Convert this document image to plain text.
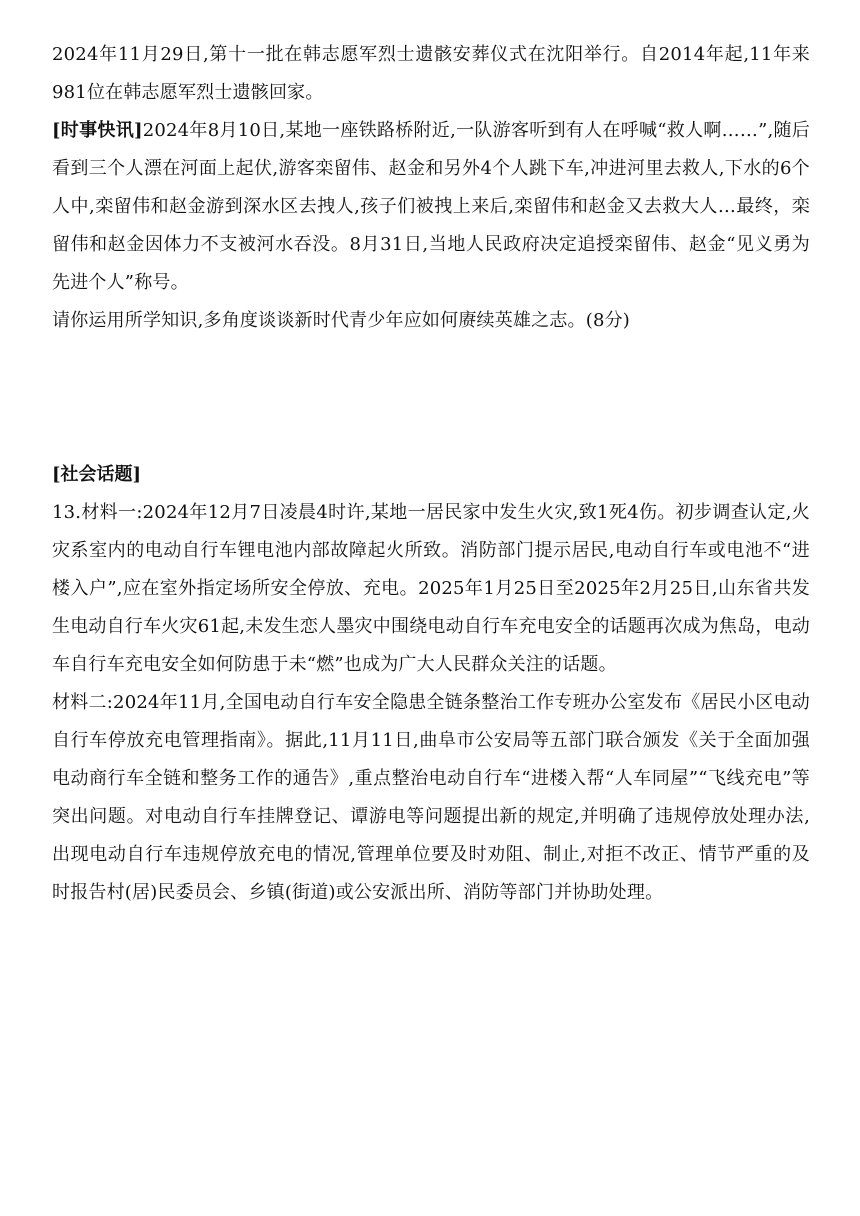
2024年11月29日,第十一批在韩志愿军烈士遗骸安葬仪式在沈阳举行。自2014年起,11年来981位在韩志愿军烈士遗骸回家。

[时事快讯]2024年8月10日,某地一座铁路桥附近,一队游客听到有人在呼喊“救人啊……”,随后看到三个人漂在河面上起伏,游客栾留伟、赵金和另外4个人跳下车,冲进河里去救人,下水的6个人中,栾留伟和赵金游到深水区去拽人,孩子们被拽上来后,栾留伟和赵金又去救大人…最终，栾留伟和赵金因体力不支被河水吞没。8月31日,当地人民政府决定追授栾留伟、赵金“见义勇为先进个人”称号。

请你运用所学知识,多角度谈谈新时代青少年应如何赓续英雄之志。(8分)

[社会话题]

13.材料一:2024年12月7日凌晨4时许,某地一居民家中发生火灾,致1死4伤。初步调查认定,火灾系室内的电动自行车锂电池内部故障起火所致。消防部门提示居民,电动自行车或电池不“进楼入户”,应在室外指定场所安全停放、充电。2025年1月25日至2025年2月25日,山东省共发生电动自行车火灾61起,未发生恋人墨灾中围绕电动自行车充电安全的话题再次成为焦岛，电动车自行车充电安全如何防患于未“燃”也成为广大人民群众关注的话题。

材料二:2024年11月,全国电动自行车安全隐患全链条整治工作专班办公室发布《居民小区电动自行车停放充电管理指南》。据此,11月11日,曲阜市公安局等五部门联合颁发《关于全面加强电动商行车全链和整务工作的通告》,重点整治电动自行车“进楼入帮“人车同屋”“飞线充电”等突出问题。对电动自行车挂牌登记、谭游电等问题提出新的规定,并明确了违规停放处理办法,出现电动自行车违规停放充电的情况,管理单位要及时劝阻、制止,对拒不改正、情节严重的及时报告村(居)民委员会、乡镇(街道)或公安派出所、消防等部门并协助处理。
